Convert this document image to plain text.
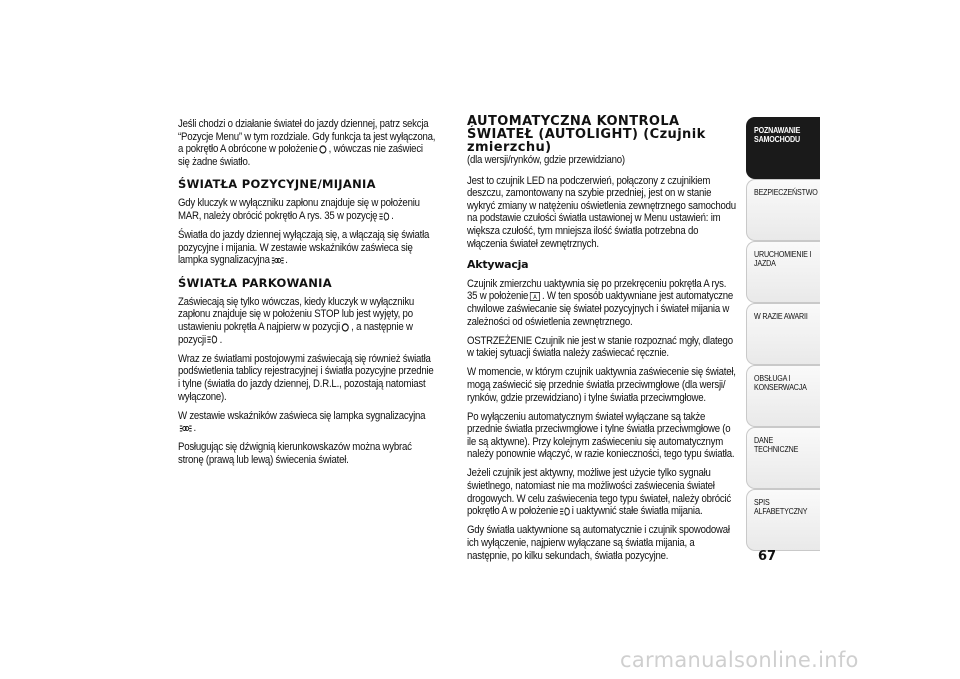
Jeśli chodzi o działanie świateł do jazdy dziennej, patrz sekcja “Pozycje Menu” w tym rozdziale. Gdy funkcja ta jest wyłączona, a pokrętło A obrócone w położenie , wówczas nie zaświeci się żadne światło.

ŚWIATŁA POZYCYJNE/MIJANIA

Gdy kluczyk w wyłączniku zapłonu znajduje się w położeniu MAR, należy obrócić pokrętło A rys. 35 w pozycję .

Światła do jazdy dziennej wyłączają się, a włączają się światła pozycyjne i mijania. W zestawie wskaźników zaświeca się lampka sygnalizacyjna .

ŚWIATŁA PARKOWANIA

Zaświecają się tylko wówczas, kiedy kluczyk w wyłączniku zapłonu znajduje się w położeniu STOP lub jest wyjęty, po ustawieniu pokrętła A najpierw w pozycji , a następnie w pozycji .

Wraz ze światłami postojowymi zaświecają się również światła podświetlenia tablicy rejestracyjnej i światła pozycyjne przednie i tylne (światła do jazdy dziennej, D.R.L., pozostają natomiast wyłączone).

W zestawie wskaźników zaświeca się lampka sygnalizacyjna
.

Posługując się dźwignią kierunkowskazów można wybrać stronę (prawą lub lewą) świecenia świateł.

AUTOMATYCZNA KONTROLA ŚWIATEŁ (AUTOLIGHT) (Czujnik zmierzchu)

(dla wersji/rynków, gdzie przewidziano)

Jest to czujnik LED na podczerwień, połączony z czujnikiem deszczu, zamontowany na szybie przedniej, jest on w stanie wykryć zmiany w natężeniu oświetlenia zewnętrznego samochodu na podstawie czułości światła ustawionej w Menu ustawień: im większa czułość, tym mniejsza ilość światła potrzebna do włączenia świateł zewnętrznych.

Aktywacja

Czujnik zmierzchu uaktywnia się po przekręceniu pokrętła A rys. 35 w położenie A . W ten sposób uaktywniane jest automatyczne chwilowe zaświecanie się świateł pozycyjnych i świateł mijania w zależności od oświetlenia zewnętrznego.

OSTRZEŻENIE Czujnik nie jest w stanie rozpoznać mgły, dlatego w takiej sytuacji światła należy zaświecać ręcznie.

W momencie, w którym czujnik uaktywnia zaświecenie się świateł, mogą zaświecić się przednie światła przeciwmgłowe (dla wersji/ rynków, gdzie przewidziano) i tylne światła przeciwmgłowe.

Po wyłączeniu automatycznym świateł wyłączane są także przednie światła przeciwmgłowe i tylne światła przeciwmgłowe (o ile są aktywne). Przy kolejnym zaświeceniu się automatycznym należy ponownie włączyć, w razie konieczności, tego typu światła.

Jeżeli czujnik jest aktywny, możliwe jest użycie tylko sygnału świetlnego, natomiast nie ma możliwości zaświecenia świateł drogowych. W celu zaświecenia tego typu świateł, należy obrócić pokrętło A w położenie i uaktywnić stałe światła mijania.

Gdy światła uaktywnione są automatycznie i czujnik spowodował ich wyłączenie, najpierw wyłączane są światła mijania, a następnie, po kilku sekundach, światła pozycyjne.

POZNAWANIE SAMOCHODU
BEZPIECZEŃSTWO
URUCHOMIENIE I JAZDA
W RAZIE AWARII
OBSŁUGA I KONSERWACJA
DANE TECHNICZNE
SPIS ALFABETYCZNY
67
carmanualsonline.info
